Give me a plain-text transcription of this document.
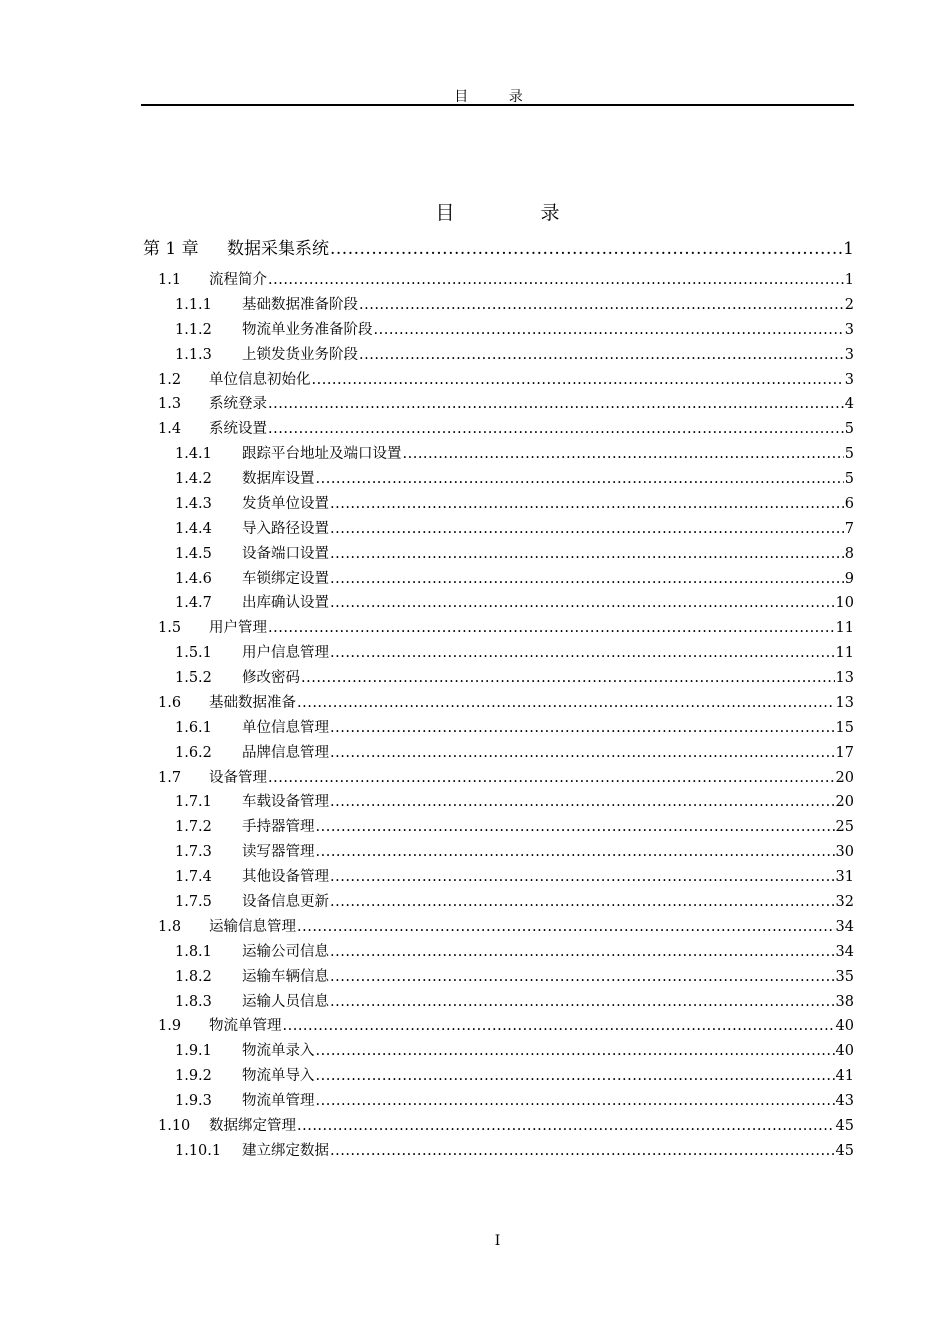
目 录
目 录
第 1 章	数据采集系统 .....	1
1.1	流程简介 .....	1
1.1.1	基础数据准备阶段 .....	2
1.1.2	物流单业务准备阶段 .....	3
1.1.3	上锁发货业务阶段 .....	3
1.2	单位信息初始化 .....	3
1.3	系统登录 .....	4
1.4	系统设置 .....	5
1.4.1	跟踪平台地址及端口设置 .....	5
1.4.2	数据库设置 .....	5
1.4.3	发货单位设置 .....	6
1.4.4	导入路径设置 .....	7
1.4.5	设备端口设置 .....	8
1.4.6	车锁绑定设置 .....	9
1.4.7	出库确认设置 .....	10
1.5	用户管理 .....	11
1.5.1	用户信息管理 .....	11
1.5.2	修改密码 .....	13
1.6	基础数据准备 .....	13
1.6.1	单位信息管理 .....	15
1.6.2	品牌信息管理 .....	17
1.7	设备管理 .....	20
1.7.1	车载设备管理 .....	20
1.7.2	手持器管理 .....	25
1.7.3	读写器管理 .....	30
1.7.4	其他设备管理 .....	31
1.7.5	设备信息更新 .....	32
1.8	运输信息管理 .....	34
1.8.1	运输公司信息 .....	34
1.8.2	运输车辆信息 .....	35
1.8.3	运输人员信息 .....	38
1.9	物流单管理 .....	40
1.9.1	物流单录入 .....	40
1.9.2	物流单导入 .....	41
1.9.3	物流单管理 .....	43
1.10	数据绑定管理 .....	45
1.10.1	建立绑定数据 .....	45
I
